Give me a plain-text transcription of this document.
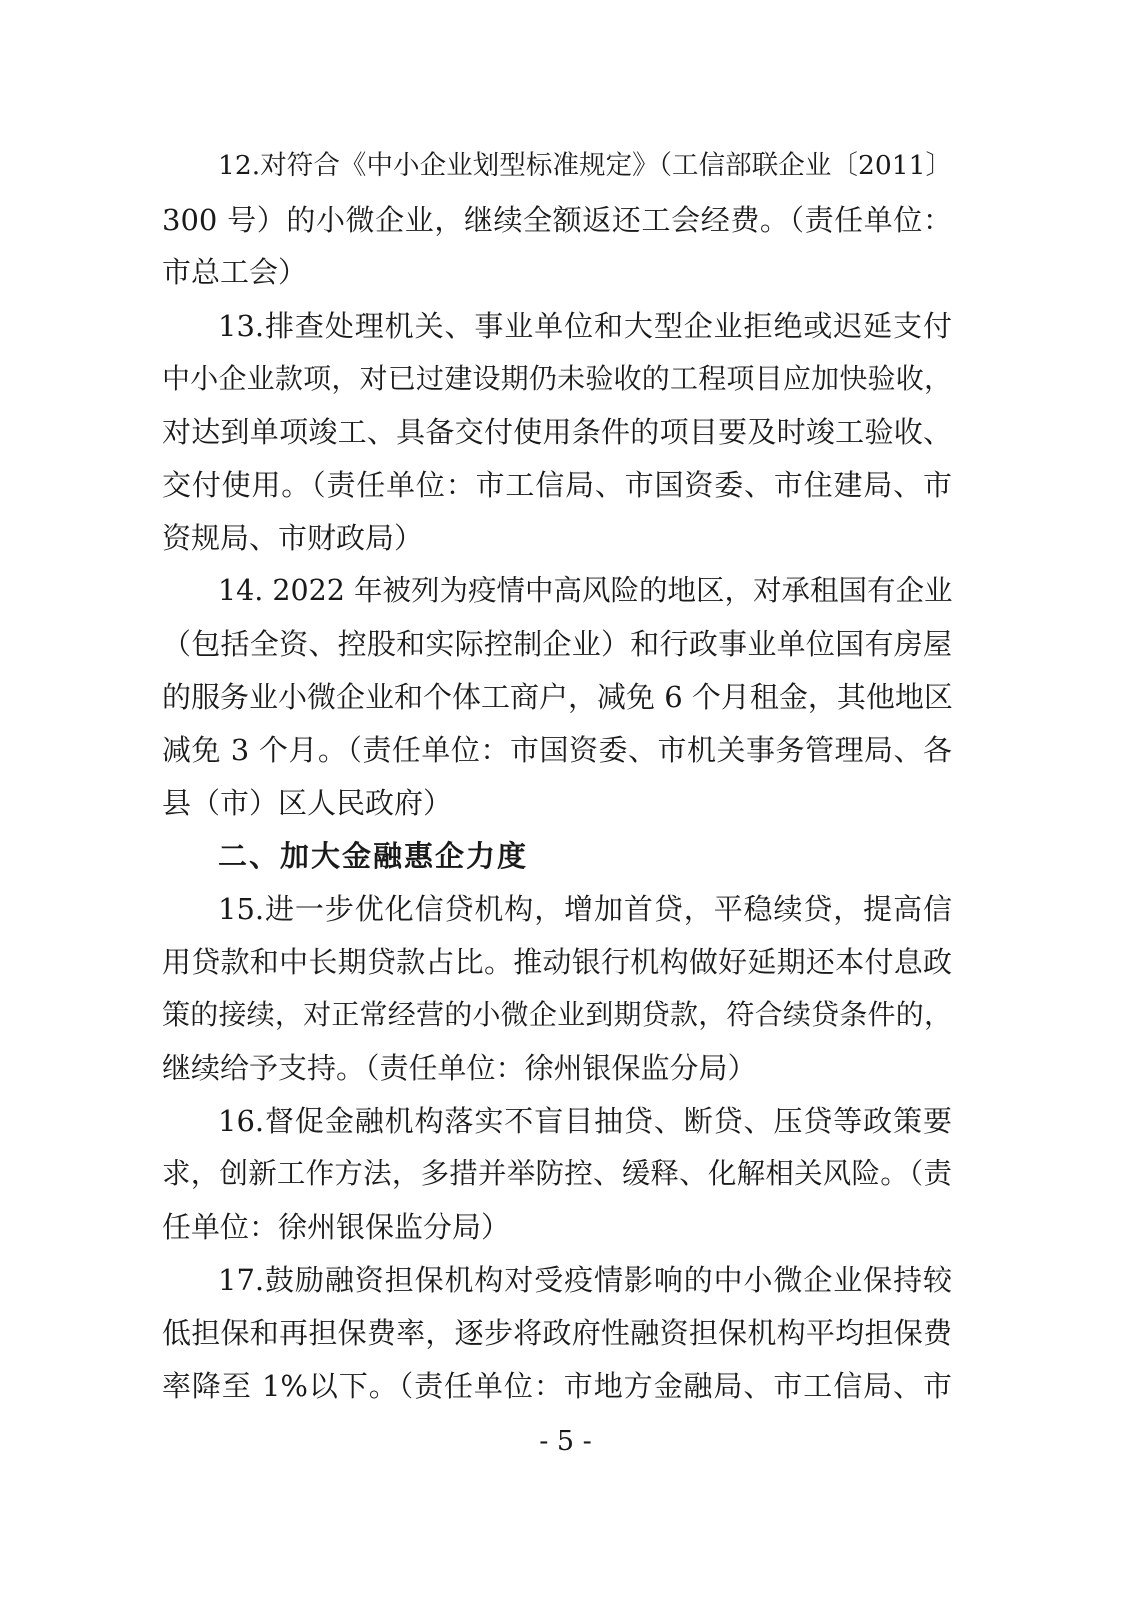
12.对符合《中小企业划型标准规定》（工信部联企业〔2011〕
300 号）的小微企业，继续全额返还工会经费。（责任单位：
市总工会）
13.排查处理机关、事业单位和大型企业拒绝或迟延支付
中小企业款项，对已过建设期仍未验收的工程项目应加快验收，
对达到单项竣工、具备交付使用条件的项目要及时竣工验收、
交付使用。（责任单位：市工信局、市国资委、市住建局、市
资规局、市财政局）
14. 2022 年被列为疫情中高风险的地区，对承租国有企业
（包括全资、控股和实际控制企业）和行政事业单位国有房屋
的服务业小微企业和个体工商户，减免 6 个月租金，其他地区
减免 3 个月。（责任单位：市国资委、市机关事务管理局、各
县（市）区人民政府）
二、加大金融惠企力度
15.进一步优化信贷机构，增加首贷，平稳续贷，提高信
用贷款和中长期贷款占比。推动银行机构做好延期还本付息政
策的接续，对正常经营的小微企业到期贷款，符合续贷条件的，
继续给予支持。（责任单位：徐州银保监分局）
16.督促金融机构落实不盲目抽贷、断贷、压贷等政策要
求，创新工作方法，多措并举防控、缓释、化解相关风险。（责
任单位：徐州银保监分局）
17.鼓励融资担保机构对受疫情影响的中小微企业保持较
低担保和再担保费率，逐步将政府性融资担保机构平均担保费
率降至 1%以下。（责任单位：市地方金融局、市工信局、市
- 5 -
